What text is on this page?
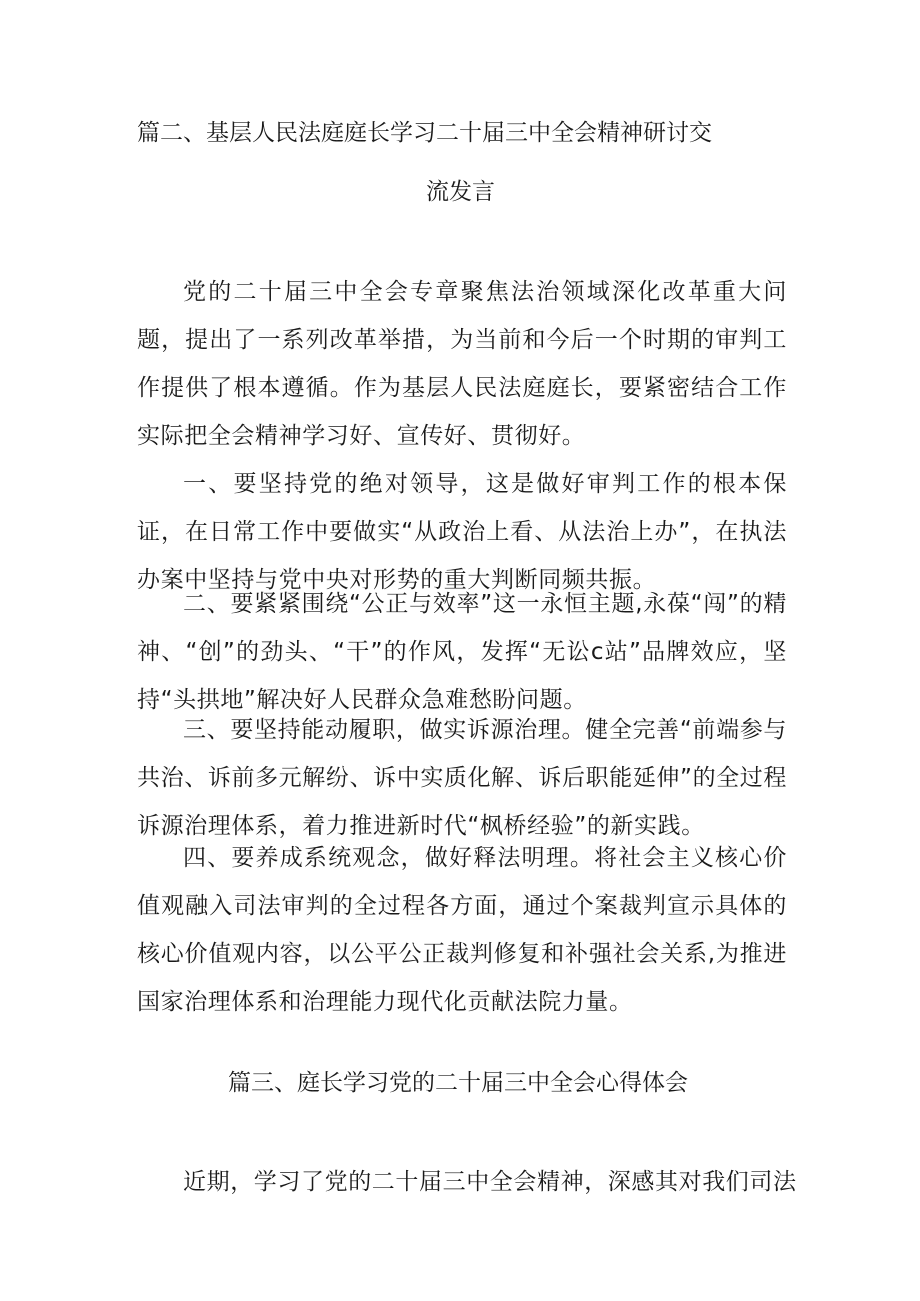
篇二、基层人民法庭庭长学习二十届三中全会精神研讨交
流发言

党的二十届三中全会专章聚焦法治领域深化改革重大问题，提出了一系列改革举措，为当前和今后一个时期的审判工作提供了根本遵循。作为基层人民法庭庭长，要紧密结合工作实际把全会精神学习好、宣传好、贯彻好。

一、要坚持党的绝对领导，这是做好审判工作的根本保证，在日常工作中要做实“从政治上看、从法治上办”，在执法办案中坚持与党中央对形势的重大判断同频共振。

二、要紧紧围绕“公正与效率”这一永恒主题,永葆“闯”的精神、“创”的劲头、“干”的作风，发挥“无讼c站”品牌效应，坚持“头拱地”解决好人民群众急难愁盼问题。

三、要坚持能动履职，做实诉源治理。健全完善“前端参与共治、诉前多元解纷、诉中实质化解、诉后职能延伸”的全过程诉源治理体系，着力推进新时代“枫桥经验”的新实践。

四、要养成系统观念，做好释法明理。将社会主义核心价值观融入司法审判的全过程各方面，通过个案裁判宣示具体的核心价值观内容，以公平公正裁判修复和补强社会关系,为推进国家治理体系和治理能力现代化贡献法院力量。

篇三、庭长学习党的二十届三中全会心得体会

近期，学习了党的二十届三中全会精神，深感其对我们司法
